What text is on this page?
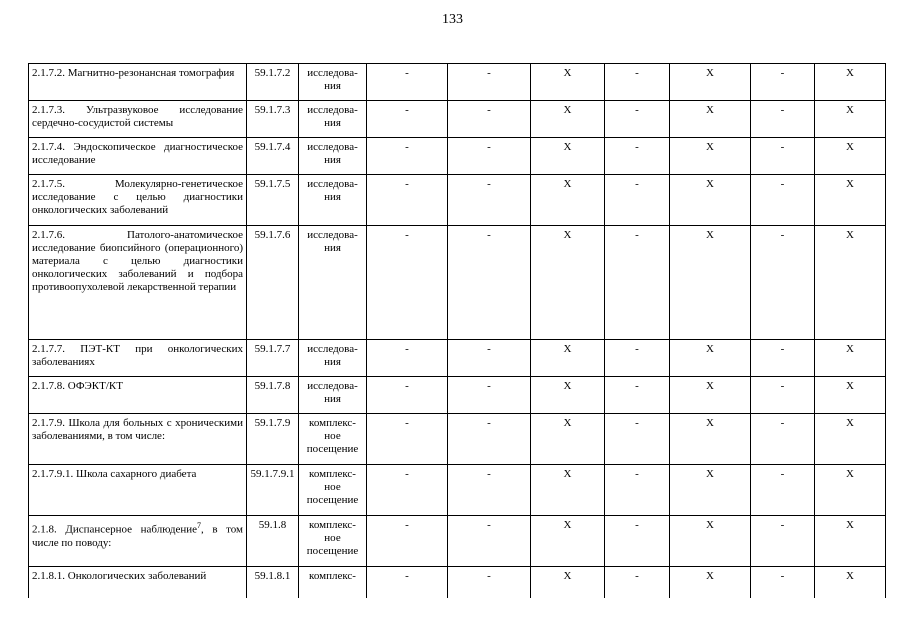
133
2.1.7.2. Магнитно-резонансная томография	59.1.7.2	исследова-ния	-	-	Х	-	Х	-	Х
2.1.7.3. Ультразвуковое исследование сердечно-сосудистой системы	59.1.7.3	исследова-ния	-	-	Х	-	Х	-	Х
2.1.7.4. Эндоскопическое диагностическое исследование	59.1.7.4	исследова-ния	-	-	Х	-	Х	-	Х
2.1.7.5. Молекулярно-генетическое исследование с целью диагностики онкологических заболеваний	59.1.7.5	исследова-ния	-	-	Х	-	Х	-	Х
2.1.7.6. Патолого-анатомическое исследование биопсийного (операционного) материала с целью диагностики онкологических заболеваний и подбора противоопухолевой лекарственной терапии	59.1.7.6	исследова-ния	-	-	Х	-	Х	-	Х
2.1.7.7. ПЭТ-КТ при онкологических заболеваниях	59.1.7.7	исследова-ния	-	-	Х	-	Х	-	Х
2.1.7.8. ОФЭКТ/КТ	59.1.7.8	исследова-ния	-	-	Х	-	Х	-	Х
2.1.7.9. Школа для больных с хроническими заболеваниями, в том числе:	59.1.7.9	комплекс-ное посещение	-	-	Х	-	Х	-	Х
2.1.7.9.1. Школа сахарного диабета	59.1.7.9.1	комплекс-ное посещение	-	-	Х	-	Х	-	Х
2.1.8. Диспансерное наблюдение$^7$, в том числе по поводу:	59.1.8	комплекс-ное посещение	-	-	Х	-	Х	-	Х
2.1.8.1. Онкологических заболеваний	59.1.8.1	комплекс-	-	-	Х	-	Х	-	Х
